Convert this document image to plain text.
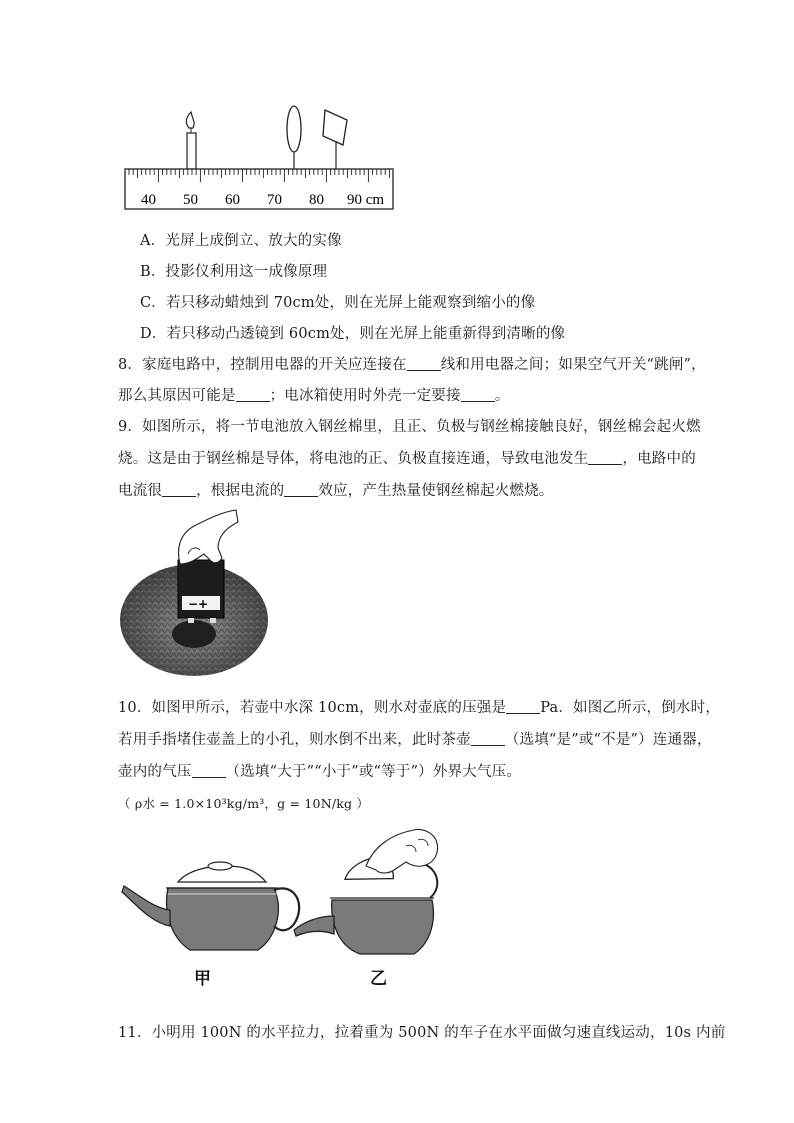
40 50 60 70 80 90 cm
A．光屏上成倒立、放大的实像
B．投影仪利用这一成像原理
C．若只移动蜡烛到 70cm处，则在光屏上能观察到缩小的像
D．若只移动凸透镜到 60cm处，则在光屏上能重新得到清晰的像
8．家庭电路中，控制用电器的开关应连接在 线和用电器之间；如果空气开关“跳闸”，
那么其原因可能是 ；电冰箱使用时外壳一定要接 。
9．如图所示，将一节电池放入钢丝棉里，且正、负极与钢丝棉接触良好，钢丝棉会起火燃
烧。这是由于钢丝棉是导体，将电池的正、负极直接连通，导致电池发生 ，电路中的
电流很 ，根据电流的 效应，产生热量使钢丝棉起火燃烧。
−+
10．如图甲所示，若壶中水深 10cm，则水对壶底的压强是 Pa．如图乙所示，倒水时，
若用手指堵住壶盖上的小孔，则水倒不出来，此时茶壶 （选填“是”或“不是”）连通器，
壶内的气压 （选填“大于”“小于”或“等于”）外界大气压。
（ ρ水 = 1.0×10³kg/m³，g = 10N/kg ）
甲	乙
11．小明用 100N 的水平拉力，拉着重为 500N 的车子在水平面做匀速直线运动，10s 内前
